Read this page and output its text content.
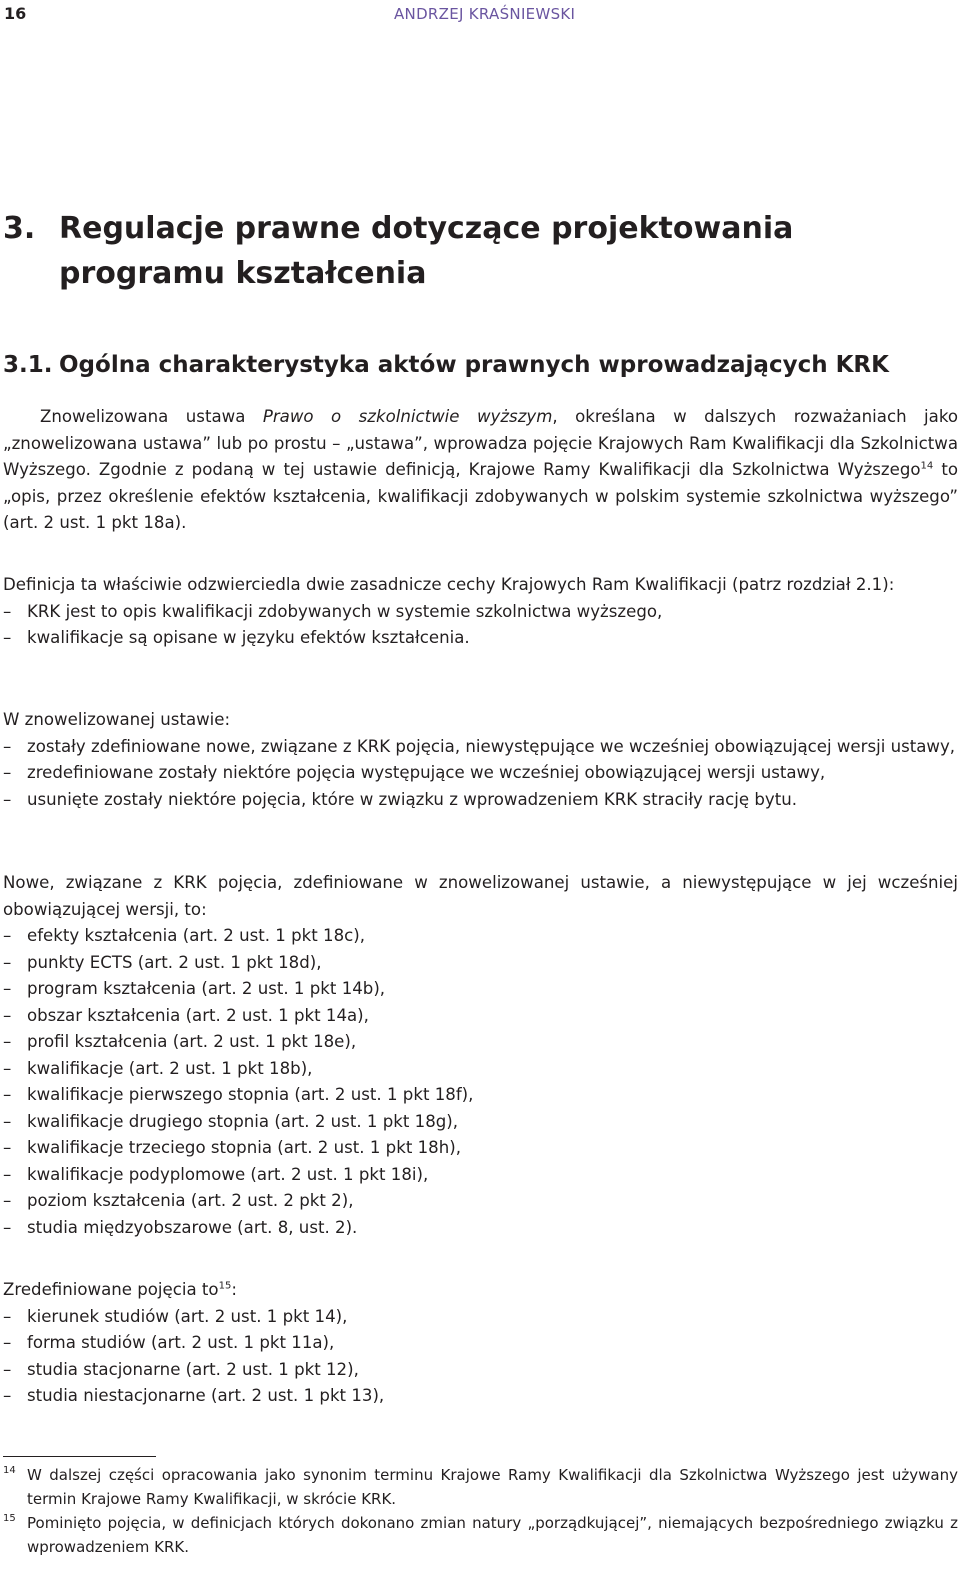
16	ANDRZEJ KRAŚNIEWSKI
3. Regulacje prawne dotyczące projektowania programu kształcenia
3.1. Ogólna charakterystyka aktów prawnych wprowadzających KRK

Znowelizowana ustawa Prawo o szkolnictwie wyższym, określana w dalszych rozważaniach jako „znowelizowana ustawa” lub po prostu – „ustawa”, wprowadza pojęcie Krajowych Ram Kwalifikacji dla Szkolnictwa Wyższego. Zgodnie z podaną w tej ustawie definicją, Krajowe Ramy Kwalifikacji dla Szkolnictwa Wyższego$^{14}$ to „opis, przez określenie efektów kształcenia, kwalifikacji zdobywanych w polskim systemie szkolnictwa wyższego” (art. 2 ust. 1 pkt 18a).

Definicja ta właściwie odzwierciedla dwie zasadnicze cechy Krajowych Ram Kwalifikacji (patrz rozdział 2.1):

– KRK jest to opis kwalifikacji zdobywanych w systemie szkolnictwa wyższego,
– kwalifikacje są opisane w języku efektów kształcenia.

W znowelizowanej ustawie:

– zostały zdefiniowane nowe, związane z KRK pojęcia, niewystępujące we wcześniej obowiązującej wersji ustawy,
– zredefiniowane zostały niektóre pojęcia występujące we wcześniej obowiązującej wersji ustawy,
– usunięte zostały niektóre pojęcia, które w związku z wprowadzeniem KRK straciły rację bytu.

Nowe, związane z KRK pojęcia, zdefiniowane w znowelizowanej ustawie, a niewystępujące w jej wcześniej obowiązującej wersji, to:

– efekty kształcenia (art. 2 ust. 1 pkt 18c),
– punkty ECTS (art. 2 ust. 1 pkt 18d),
– program kształcenia (art. 2 ust. 1 pkt 14b),
– obszar kształcenia (art. 2 ust. 1 pkt 14a),
– profil kształcenia (art. 2 ust. 1 pkt 18e),
– kwalifikacje (art. 2 ust. 1 pkt 18b),
– kwalifikacje pierwszego stopnia (art. 2 ust. 1 pkt 18f),
– kwalifikacje drugiego stopnia (art. 2 ust. 1 pkt 18g),
– kwalifikacje trzeciego stopnia (art. 2 ust. 1 pkt 18h),
– kwalifikacje podyplomowe (art. 2 ust. 1 pkt 18i),
– poziom kształcenia (art. 2 ust. 2 pkt 2),
– studia międzyobszarowe (art. 8, ust. 2).

Zredefiniowane pojęcia $to^{15}$:

– kierunek studiów (art. 2 ust. 1 pkt 14),
– forma studiów (art. 2 ust. 1 pkt 11a),
– studia stacjonarne (art. 2 ust. 1 pkt 12),
– studia niestacjonarne (art. 2 ust. 1 pkt 13),
14 W dalszej części opracowania jako synonim terminu Krajowe Ramy Kwalifikacji dla Szkolnictwa Wyższego jest używany termin Krajowe Ramy Kwalifikacji, w skrócie KRK.
15 Pominięto pojęcia, w definicjach których dokonano zmian natury „porządkującej”, niemających bezpośredniego związku z wprowadzeniem KRK.
